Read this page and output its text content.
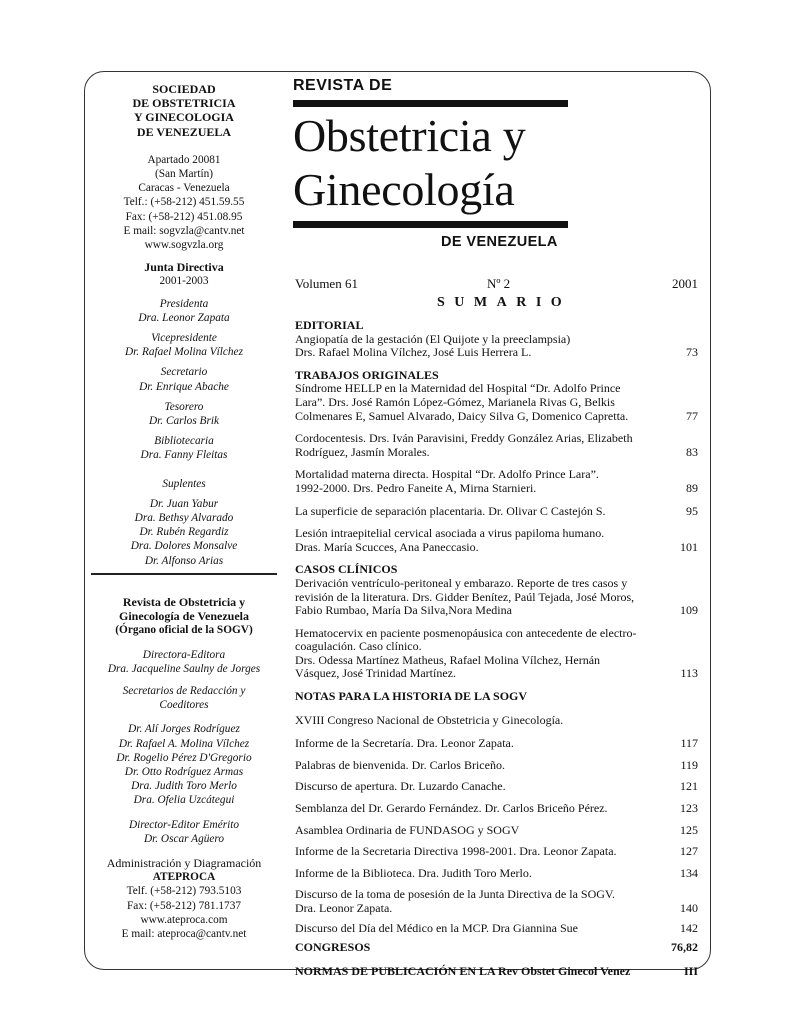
SOCIEDAD
DE OBSTETRICIA
Y GINECOLOGIA
DE VENEZUELA
Apartado 20081
(San Martín)
Caracas - Venezuela
Telf.: (+58-212) 451.59.55
Fax: (+58-212) 451.08.95
E mail: sogvzla@cantv.net
www.sogvzla.org
Junta Directiva
2001-2003
Presidenta
Dra. Leonor Zapata
Vicepresidente
Dr. Rafael Molina Vílchez
Secretario
Dr. Enrique Abache
Tesorero
Dr. Carlos Brik
Bibliotecaria
Dra. Fanny Fleitas
Suplentes
Dr. Juan Yabur
Dra. Bethsy Alvarado
Dr. Rubén Regardiz
Dra. Dolores Monsalve
Dr. Alfonso Arias
Revista de Obstetricia y
Ginecología de Venezuela
(Órgano oficial de la SOGV)
Directora-Editora
Dra. Jacqueline Saulny de Jorges
Secretarios de Redacción y
Coeditores
Dr. Alí Jorges Rodríguez
Dr. Rafael A. Molina Vílchez
Dr. Rogelio Pérez D'Gregorio
Dr. Otto Rodríguez Armas
Dra. Judith Toro Merlo
Dra. Ofelia Uzcátegui
Director-Editor Emérito
Dr. Oscar Agüero
Administración y Diagramación
ATEPROCA
Telf. (+58-212) 793.5103
Fax: (+58-212) 781.1737
www.ateproca.com
E mail: ateproca@cantv.net
REVISTA DE
Obstetricia y
Ginecología
DE VENEZUELA
Volumen 61	Nº 2	2001
SUMARIO
EDITORIAL
Angiopatía de la gestación (El Quijote y la preeclampsia)
Drs. Rafael Molina Vílchez, José Luis Herrera L.	73
TRABAJOS ORIGINALES
Síndrome HELLP en la Maternidad del Hospital “Dr. Adolfo Prince
Lara”. Drs. José Ramón López-Gómez, Marianela Rivas G, Belkis
Colmenares E, Samuel Alvarado, Daicy Silva G, Domenico Capretta.	77
Cordocentesis. Drs. Iván Paravisini, Freddy González Arias, Elizabeth
Rodríguez, Jasmín Morales.	83
Mortalidad materna directa. Hospital “Dr. Adolfo Prince Lara”.
1992-2000. Drs. Pedro Faneite A, Mirna Starnieri.	89
La superficie de separación placentaria. Dr. Olivar C Castejón S.	95
Lesión intraepitelial cervical asociada a virus papiloma humano.
Dras. María Scucces, Ana Paneccasio.	101
CASOS CLÍNICOS
Derivación ventrículo-peritoneal y embarazo. Reporte de tres casos y
revisión de la literatura. Drs. Gidder Benítez, Paúl Tejada, José Moros,
Fabio Rumbao, María Da Silva,Nora Medina	109
Hematocervix en paciente posmenopáusica con antecedente de electro-
coagulación. Caso clínico.
Drs. Odessa Martínez Matheus, Rafael Molina Vílchez, Hernán
Vásquez, José Trinidad Martínez.	113
NOTAS PARA LA HISTORIA DE LA SOGV
XVIII Congreso Nacional de Obstetricia y Ginecología.
Informe de la Secretaría. Dra. Leonor Zapata.	117
Palabras de bienvenida. Dr. Carlos Briceño.	119
Discurso de apertura. Dr. Luzardo Canache.	121
Semblanza del Dr. Gerardo Fernández. Dr. Carlos Briceño Pérez.	123
Asamblea Ordinaria de FUNDASOG y SOGV	125
Informe de la Secretaria Directiva 1998-2001. Dra. Leonor Zapata.	127
Informe de la Biblioteca. Dra. Judith Toro Merlo.	134
Discurso de la toma de posesión de la Junta Directiva de la SOGV.
Dra. Leonor Zapata.	140
Discurso del Día del Médico en la MCP. Dra Giannina Sue	142
CONGRESOS	76,82
NORMAS DE PUBLICACIÓN EN LA Rev Obstet Ginecol Venez	III
